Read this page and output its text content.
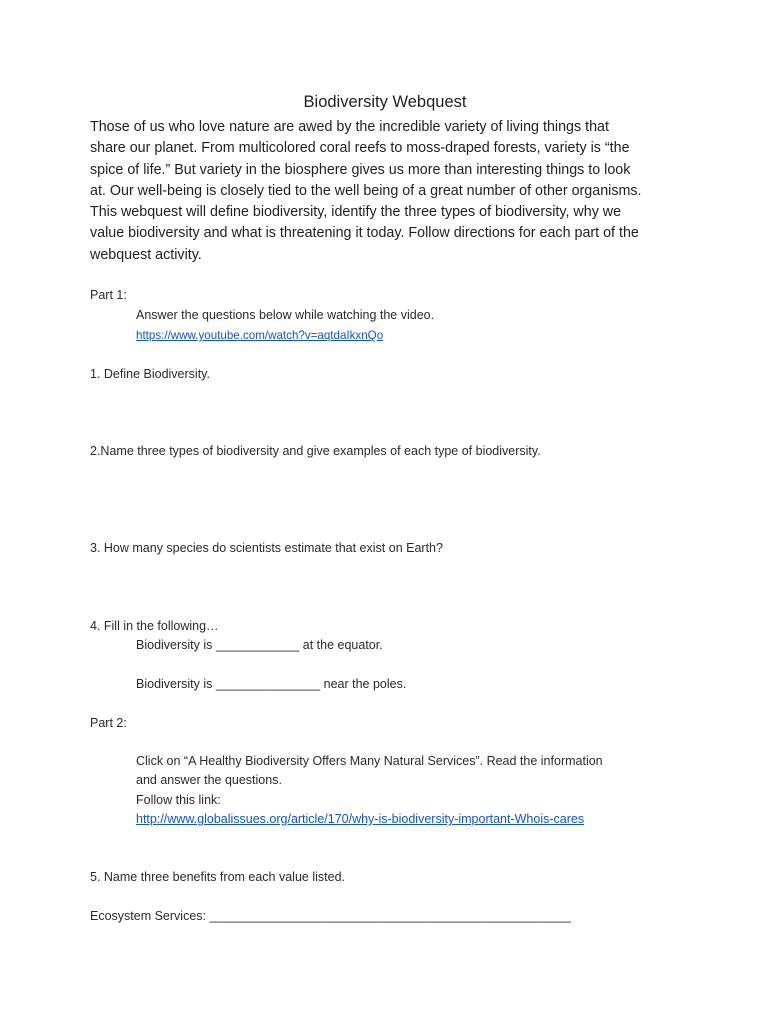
Biodiversity Webquest
Those of us who love nature are awed by the incredible variety of living things that
share our planet. From multicolored coral reefs to moss-draped forests, variety is “the
spice of life.” But variety in the biosphere gives us more than interesting things to look
at. Our well-being is closely tied to the well being of a great number of other organisms.
This webquest will define biodiversity, identify the three types of biodiversity, why we
value biodiversity and what is threatening it today. Follow directions for each part of the
webquest activity.
Part 1:
Answer the questions below while watching the video.
https://www.youtube.com/watch?v=aqtdaIkxnQo
1. Define Biodiversity.
2.Name three types of biodiversity and give examples of each type of biodiversity.
3. How many species do scientists estimate that exist on Earth?
4. Fill in the following…
Biodiversity is ____________ at the equator.
Biodiversity is _______________ near the poles.
Part 2:
Click on “A Healthy Biodiversity Offers Many Natural Services”. Read the information
and answer the questions.
Follow this link:
http://www.globalissues.org/article/170/why-is-biodiversity-important-Whois-cares
5. Name three benefits from each value listed.
Ecosystem Services: ____________________________________________________
